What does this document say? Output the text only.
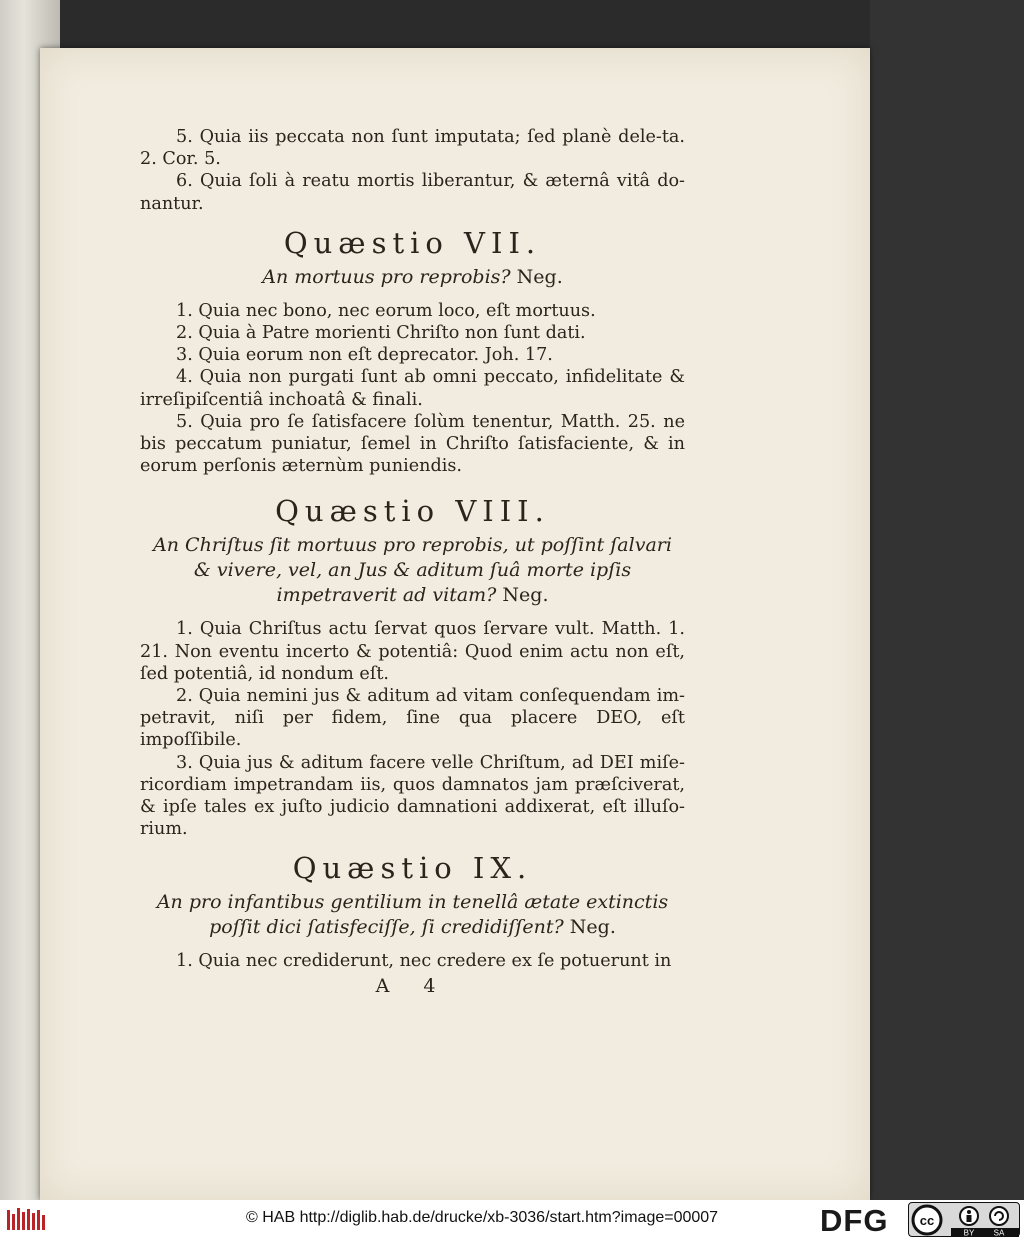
5. Quia iis peccata non ſunt imputata; ſed planè dele-ta. 2. Cor. 5.

6. Quia ſoli à reatu mortis liberantur, & æternâ vitâ do-nantur.

Quæstio VII.
An mortuus pro reprobis? Neg.

1. Quia nec bono, nec eorum loco, eſt mortuus.

2. Quia à Patre morienti Chriſto non ſunt dati.

3. Quia eorum non eſt deprecator. Joh. 17.

4. Quia non purgati ſunt ab omni peccato, infidelitate & irreſipiſcentiâ inchoatâ & finali.

5. Quia pro ſe ſatisfacere ſolùm tenentur, Matth. 25. ne bis peccatum puniatur, ſemel in Chriſto ſatisfaciente, & in eorum perſonis æternùm puniendis.

Quæstio VIII.
An Chriſtus ſit mortuus pro reprobis, ut poſſint ſalvari & vivere, vel, an Jus & aditum ſuâ morte ipſis impetraverit ad vitam? Neg.

1. Quia Chriſtus actu ſervat quos ſervare vult. Matth. 1. 21. Non eventu incerto & potentiâ: Quod enim actu non eſt, ſed potentiâ, id nondum eſt.

2. Quia nemini jus & aditum ad vitam conſequendam im-petravit, niſi per fidem, ſine qua placere DEO, eſt impoſſibile.

3. Quia jus & aditum facere velle Chriſtum, ad DEI miſe-ricordiam impetrandam iis, quos damnatos jam præſciverat, & ipſe tales ex juſto judicio damnationi addixerat, eſt illuſo-rium.

Quæstio IX.
An pro infantibus gentilium in tenellâ ætate extinctis poſſit dici ſatisfeciſſe, ſi credidiſſent? Neg.

1. Quia nec crediderunt, nec credere ex ſe potuerunt in

A 4
© HAB http://diglib.hab.de/drucke/xb-3036/start.htm?image=00007	DFG cc
BY SA
